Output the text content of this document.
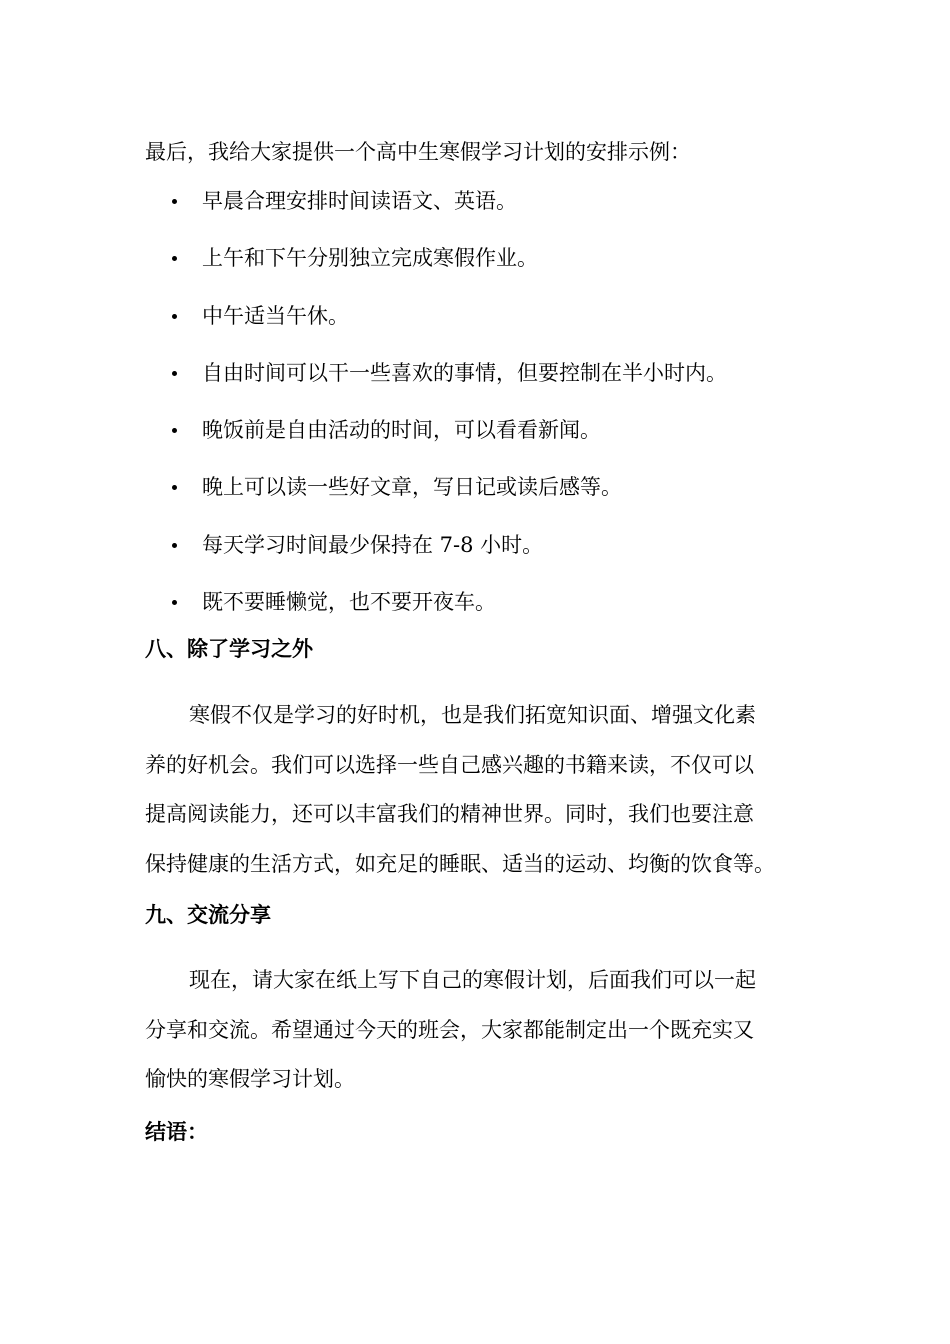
最后，我给大家提供一个高中生寒假学习计划的安排示例：
早晨合理安排时间读语文、英语。
上午和下午分别独立完成寒假作业。
中午适当午休。
自由时间可以干一些喜欢的事情，但要控制在半小时内。
晚饭前是自由活动的时间，可以看看新闻。
晚上可以读一些好文章，写日记或读后感等。
每天学习时间最少保持在 7-8 小时。
既不要睡懒觉，也不要开夜车。
八、除了学习之外

寒假不仅是学习的好时机，也是我们拓宽知识面、增强文化素
养的好机会。我们可以选择一些自己感兴趣的书籍来读，不仅可以
提高阅读能力，还可以丰富我们的精神世界。同时，我们也要注意
保持健康的生活方式，如充足的睡眠、适当的运动、均衡的饮食等。

九、交流分享

现在，请大家在纸上写下自己的寒假计划，后面我们可以一起
分享和交流。希望通过今天的班会，大家都能制定出一个既充实又
愉快的寒假学习计划。

结语：
